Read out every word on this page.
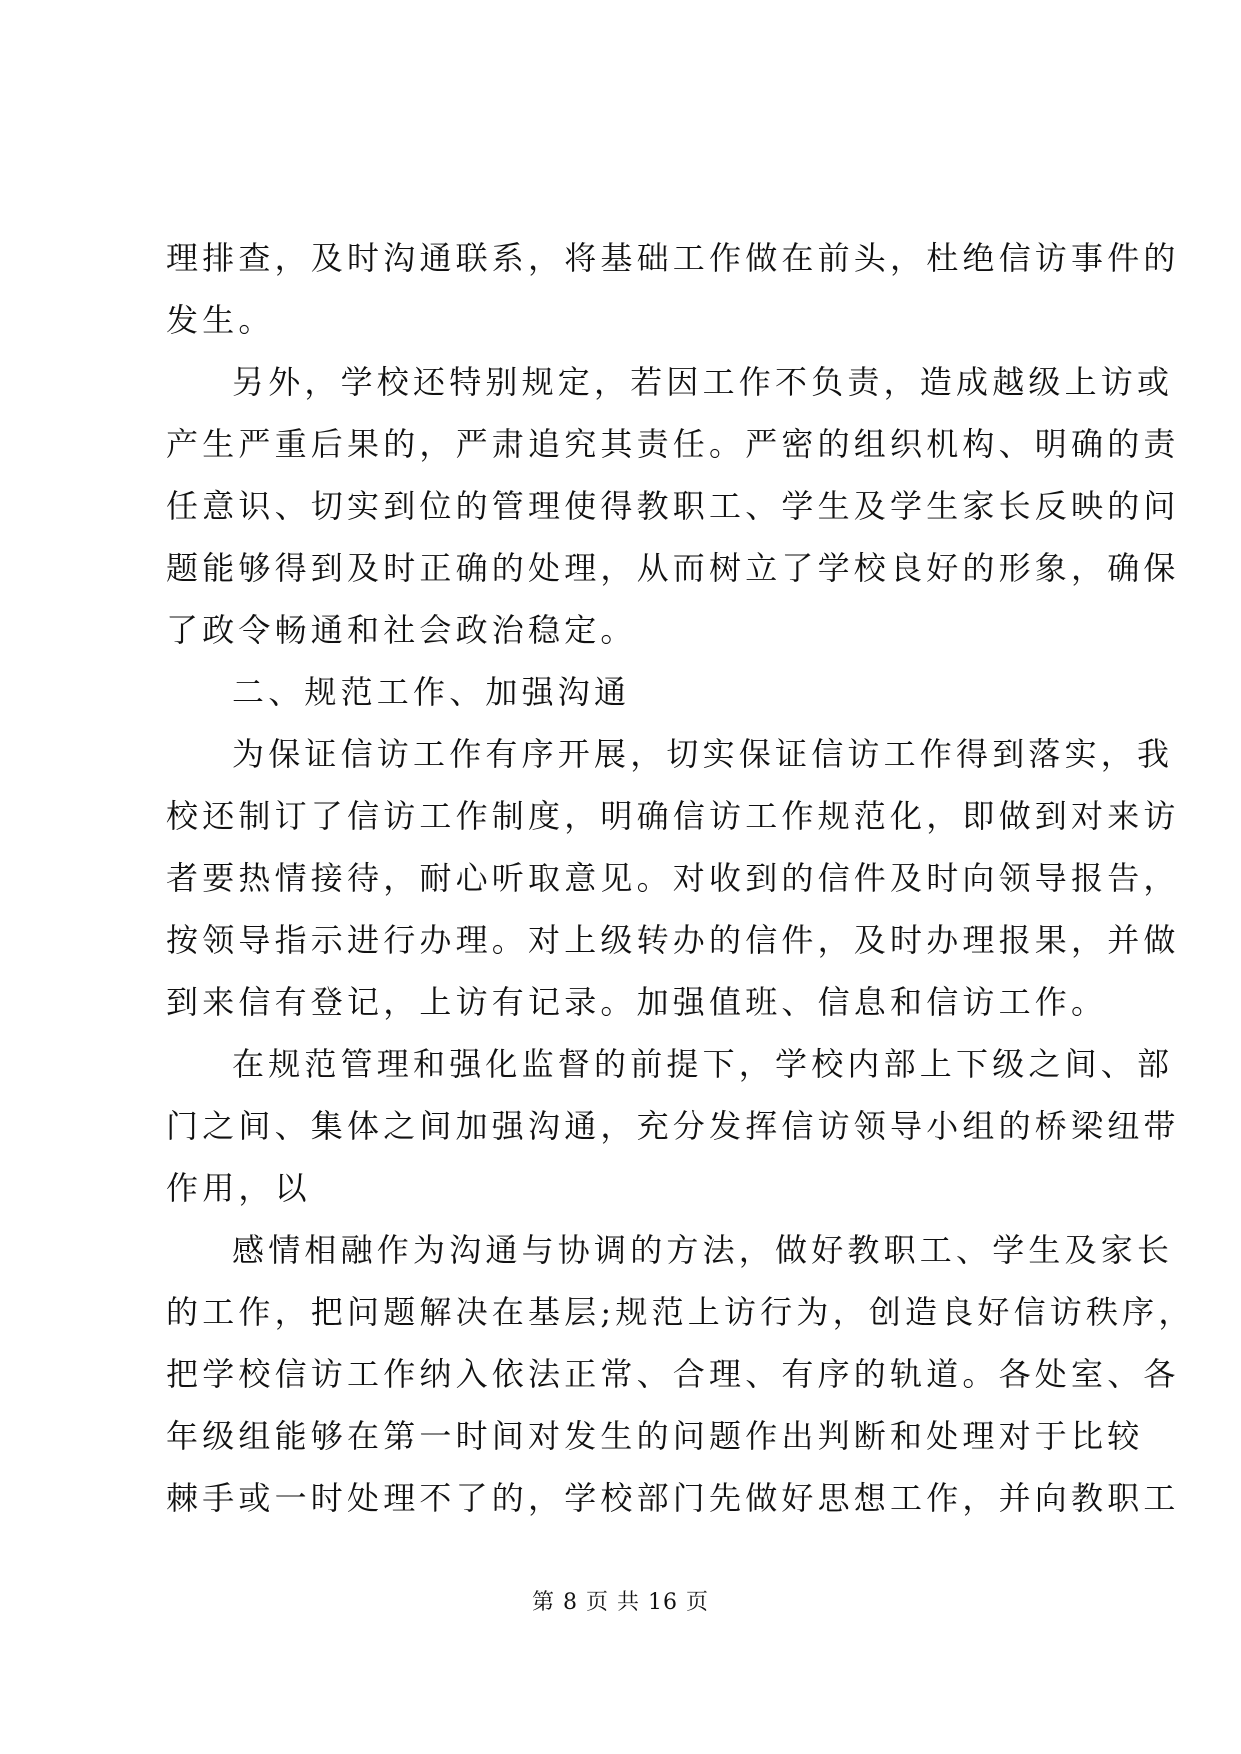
理排查，及时沟通联系，将基础工作做在前头，杜绝信访事件的
发生。
另外，学校还特别规定，若因工作不负责，造成越级上访或
产生严重后果的，严肃追究其责任。严密的组织机构、明确的责
任意识、切实到位的管理使得教职工、学生及学生家长反映的问
题能够得到及时正确的处理，从而树立了学校良好的形象，确保
了政令畅通和社会政治稳定。
二、规范工作、加强沟通
为保证信访工作有序开展，切实保证信访工作得到落实，我
校还制订了信访工作制度，明确信访工作规范化，即做到对来访
者要热情接待，耐心听取意见。对收到的信件及时向领导报告，
按领导指示进行办理。对上级转办的信件，及时办理报果，并做
到来信有登记，上访有记录。加强值班、信息和信访工作。
在规范管理和强化监督的前提下，学校内部上下级之间、部
门之间、集体之间加强沟通，充分发挥信访领导小组的桥梁纽带
作用，以
感情相融作为沟通与协调的方法，做好教职工、学生及家长
的工作，把问题解决在基层;规范上访行为，创造良好信访秩序，
把学校信访工作纳入依法正常、合理、有序的轨道。各处室、各
年级组能够在第一时间对发生的问题作出判断和处理对于比较
棘手或一时处理不了的，学校部门先做好思想工作，并向教职工
第 8 页 共 16 页
